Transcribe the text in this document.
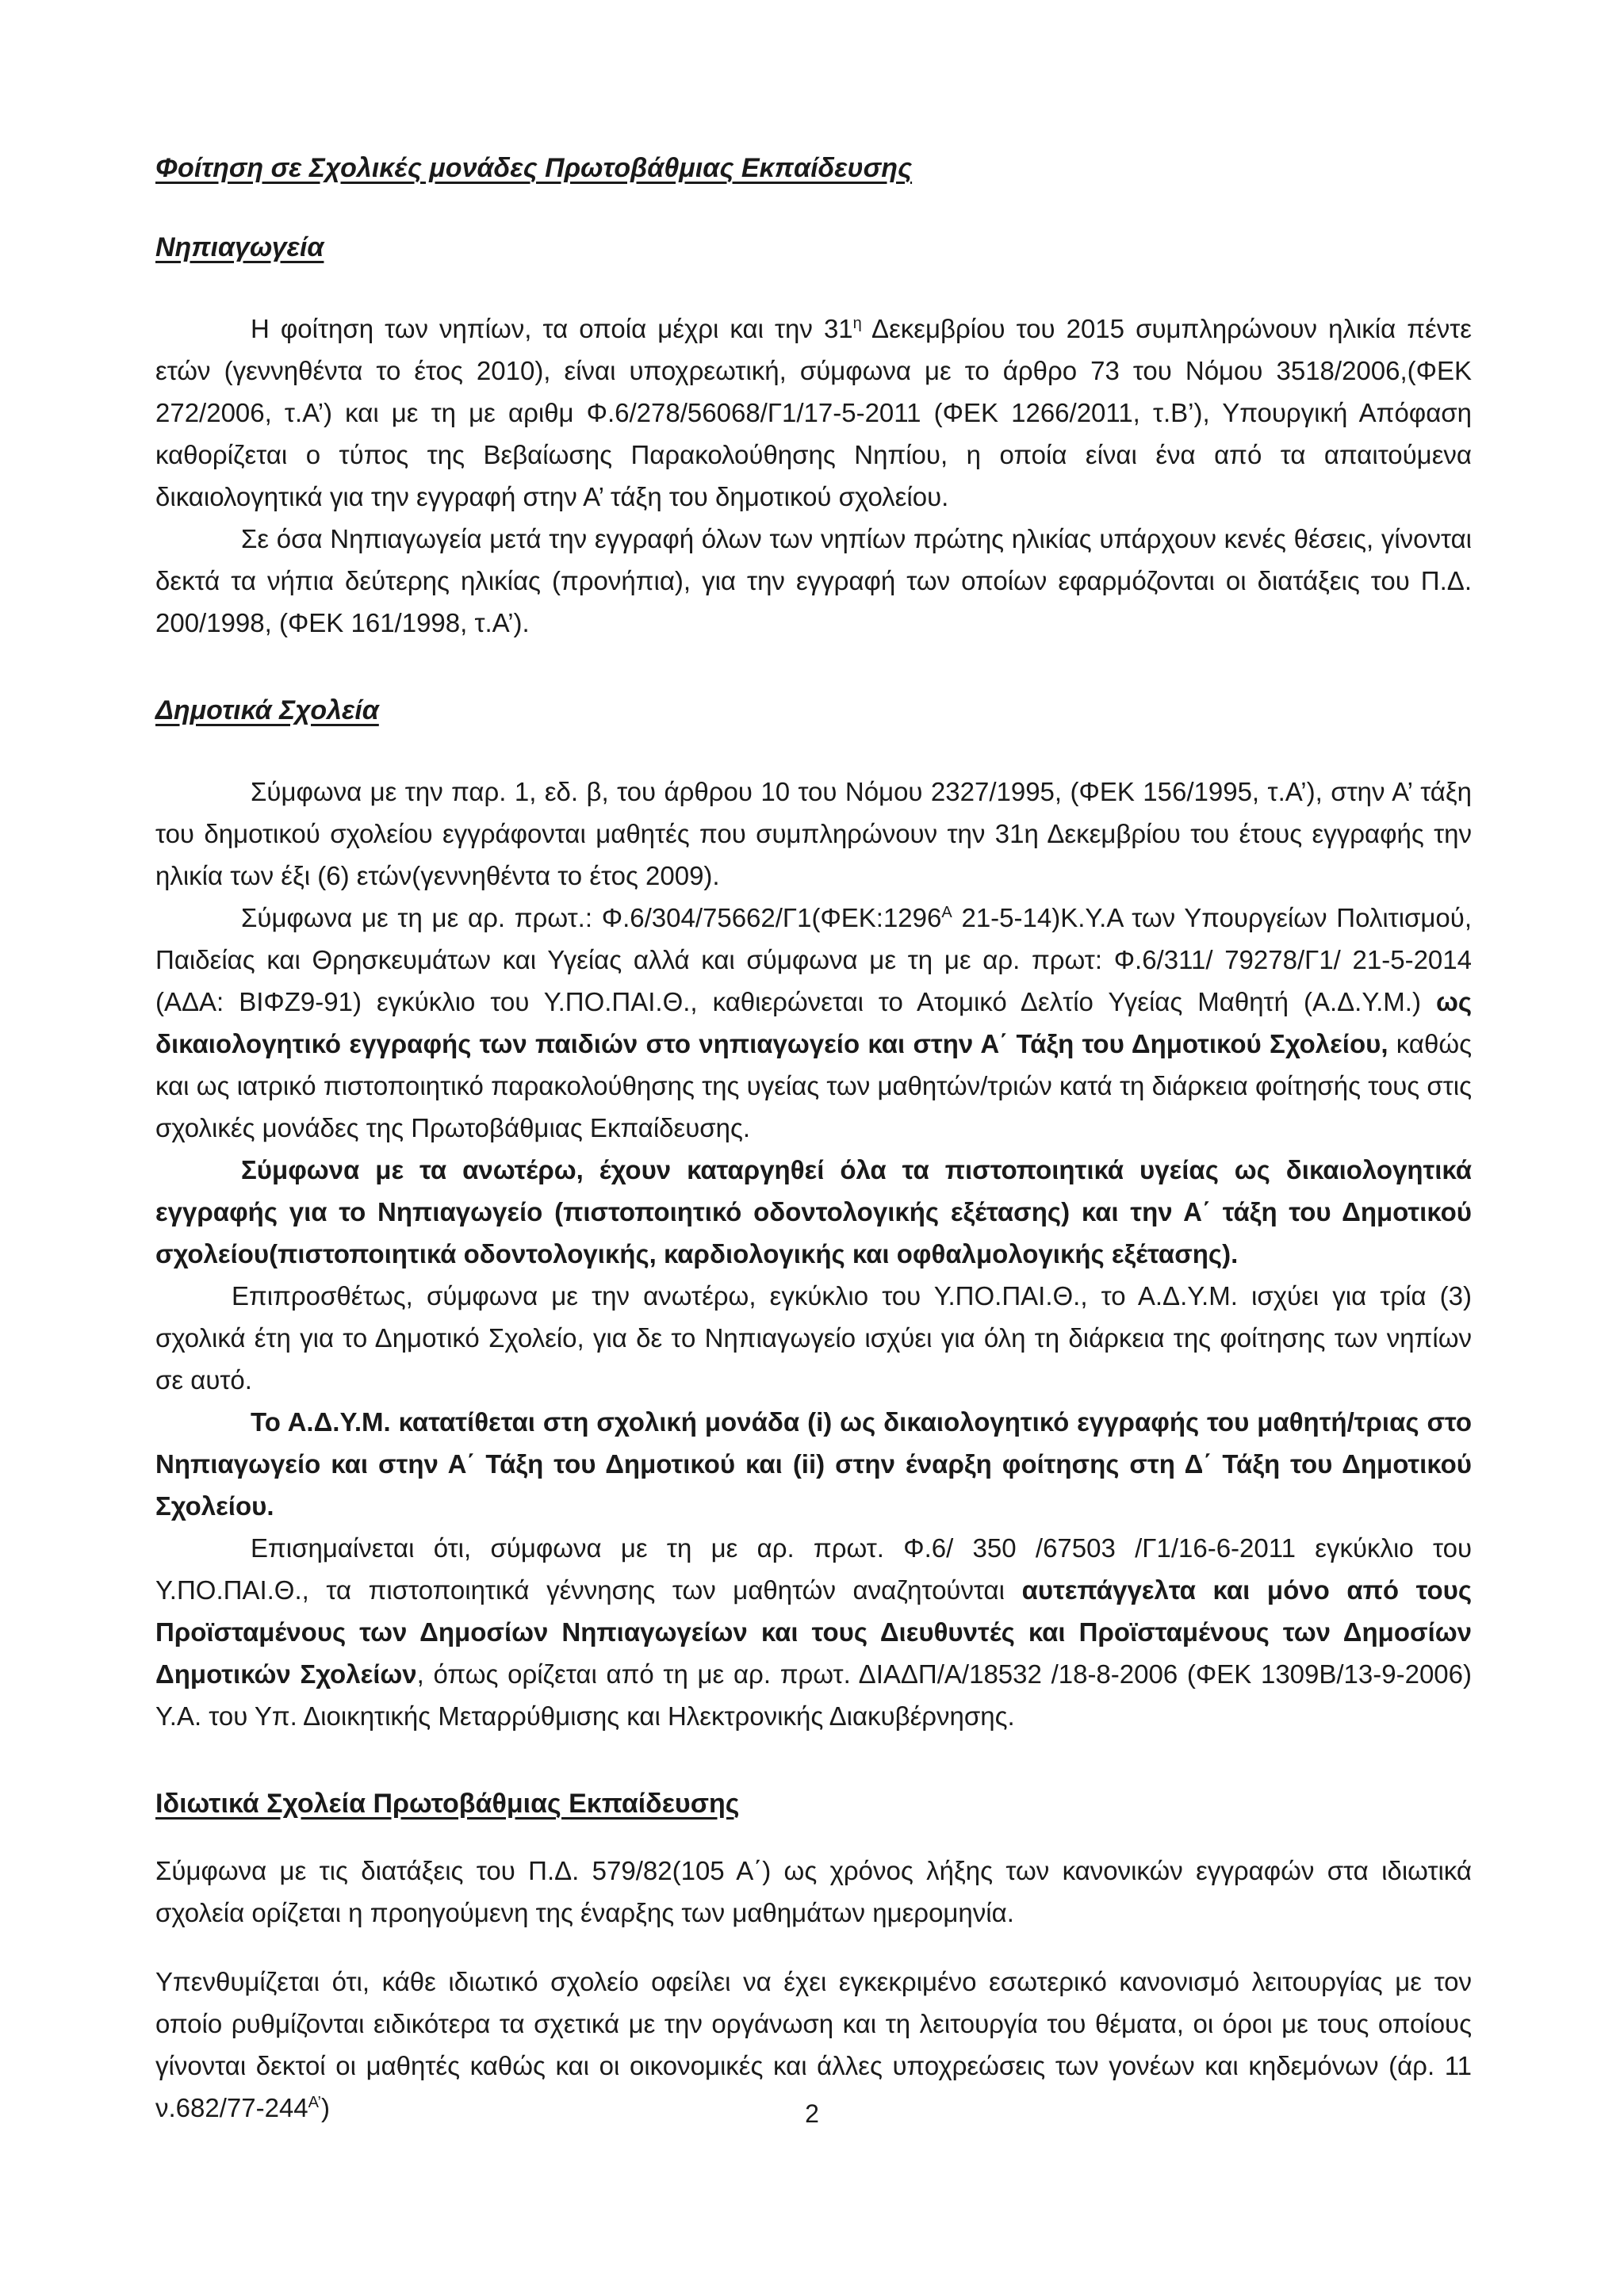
Φοίτηση σε Σχολικές μονάδες Πρωτοβάθμιας Εκπαίδευσης
Νηπιαγωγεία

Η φοίτηση των νηπίων, τα οποία μέχρι και την $31^\eta$ Δεκεμβρίου του 2015 συμπληρώνουν ηλικία πέντε ετών (γεννηθέντα το έτος 2010), είναι υποχρεωτική, σύμφωνα με το άρθρο 73 του Νόμου 3518/2006,(ΦΕΚ 272/2006, τ.Α’) και με τη με αριθμ Φ.6/278/56068/Γ1/17-5-2011 (ΦΕΚ 1266/2011, τ.Β’), Υπουργική Απόφαση καθορίζεται ο τύπος της Βεβαίωσης Παρακολούθησης Νηπίου, η οποία είναι ένα από τα απαιτούμενα δικαιολογητικά για την εγγραφή στην Α’ τάξη του δημοτικού σχολείου.

Σε όσα Νηπιαγωγεία μετά την εγγραφή όλων των νηπίων πρώτης ηλικίας υπάρχουν κενές θέσεις, γίνονται δεκτά τα νήπια δεύτερης ηλικίας (προνήπια), για την εγγραφή των οποίων εφαρμόζονται οι διατάξεις του Π.Δ. 200/1998, (ΦΕΚ 161/1998, τ.Α’).

Δημοτικά Σχολεία

Σύμφωνα με την παρ. 1, εδ. β, του άρθρου 10 του Νόμου 2327/1995, (ΦΕΚ 156/1995, τ.Α’), στην Α’ τάξη του δημοτικού σχολείου εγγράφονται μαθητές που συμπληρώνουν την 31η Δεκεμβρίου του έτους εγγραφής την ηλικία των έξι (6) ετών(γεννηθέντα το έτος 2009).

Σύμφωνα με τη με αρ. πρωτ.: $\Phi.6/304/75662/\Gamma 1(\Phi EK:1296^A$ 21-5-14)Κ.Υ.Α των Υπουργείων Πολιτισμού, Παιδείας και Θρησκευμάτων και Υγείας αλλά και σύμφωνα με τη με αρ. πρωτ: Φ.6/311/ 79278/Γ1/ 21-5-2014 (ΑΔΑ: ΒΙΦΖ9-91) εγκύκλιο του Υ.ΠΟ.ΠΑΙ.Θ., καθιερώνεται το Ατομικό Δελτίο Υγείας Μαθητή (Α.Δ.Υ.Μ.) ως δικαιολογητικό εγγραφής των παιδιών στο νηπιαγωγείο και στην Α΄ Τάξη του Δημοτικού Σχολείου, καθώς και ως ιατρικό πιστοποιητικό παρακολούθησης της υγείας των μαθητών/τριών κατά τη διάρκεια φοίτησής τους στις σχολικές μονάδες της Πρωτοβάθμιας Εκπαίδευσης.

Σύμφωνα με τα ανωτέρω, έχουν καταργηθεί όλα τα πιστοποιητικά υγείας ως δικαιολογητικά εγγραφής για το Νηπιαγωγείο (πιστοποιητικό οδοντολογικής εξέτασης) και την Α΄ τάξη του Δημοτικού σχολείου(πιστοποιητικά οδοντολογικής, καρδιολογικής και οφθαλμολογικής εξέτασης).

Επιπροσθέτως, σύμφωνα με την ανωτέρω, εγκύκλιο του Υ.ΠΟ.ΠΑΙ.Θ., το Α.Δ.Υ.Μ. ισχύει για τρία (3) σχολικά έτη για το Δημοτικό Σχολείο, για δε το Νηπιαγωγείο ισχύει για όλη τη διάρκεια της φοίτησης των νηπίων σε αυτό.

Το Α.Δ.Υ.Μ. κατατίθεται στη σχολική μονάδα (i) ως δικαιολογητικό εγγραφής του μαθητή/τριας στο Νηπιαγωγείο και στην Α΄ Τάξη του Δημοτικού και (ii) στην έναρξη φοίτησης στη Δ΄ Τάξη του Δημοτικού Σχολείου.

Επισημαίνεται ότι, σύμφωνα με τη με αρ. πρωτ. Φ.6/ 350 /67503 /Γ1/16-6-2011 εγκύκλιο του Υ.ΠΟ.ΠΑΙ.Θ., τα πιστοποιητικά γέννησης των μαθητών αναζητούνται αυτεπάγγελτα και μόνο από τους Προϊσταμένους των Δημοσίων Νηπιαγωγείων και τους Διευθυντές και Προϊσταμένους των Δημοσίων Δημοτικών Σχολείων, όπως ορίζεται από τη με αρ. πρωτ. ΔΙΑΔΠ/Α/18532 /18-8-2006 (ΦΕΚ 1309Β/13-9-2006) Υ.Α. του Υπ. Διοικητικής Μεταρρύθμισης και Ηλεκτρονικής Διακυβέρνησης.

Ιδιωτικά Σχολεία Πρωτοβάθμιας Εκπαίδευσης

Σύμφωνα με τις διατάξεις του Π.Δ. 579/82(105 Α΄) ως χρόνος λήξης των κανονικών εγγραφών στα ιδιωτικά σχολεία ορίζεται η προηγούμενη της έναρξης των μαθημάτων ημερομηνία.

Υπενθυμίζεται ότι, κάθε ιδιωτικό σχολείο οφείλει να έχει εγκεκριμένο εσωτερικό κανονισμό λειτουργίας με τον οποίο ρυθμίζονται ειδικότερα τα σχετικά με την οργάνωση και τη λειτουργία του θέματα, οι όροι με τους οποίους γίνονται δεκτοί οι μαθητές καθώς και οι οικονομικές και άλλες υποχρεώσεις των γονέων και κηδεμόνων (άρ. 11 $\nu.682/77-244^{A’}$)	2
